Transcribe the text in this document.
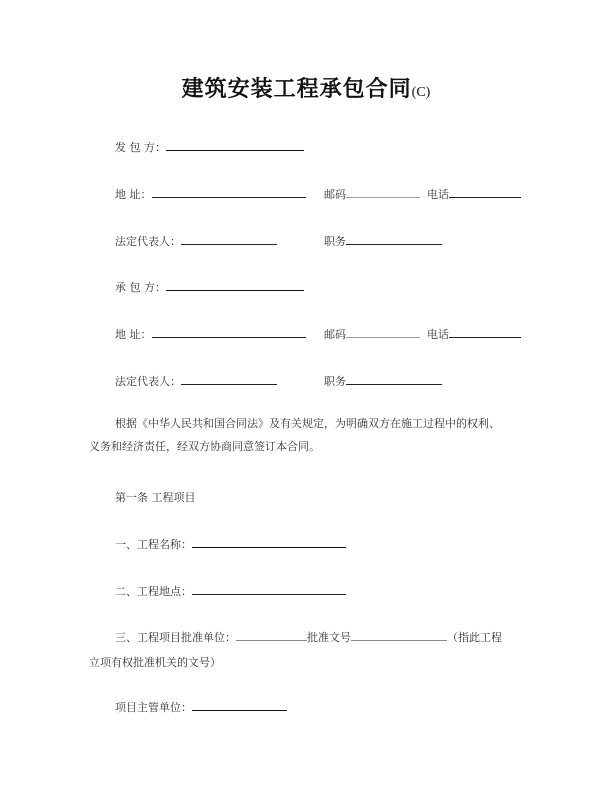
建筑安装工程承包合同(C)
发 包 方：
地 址：	邮码	电话
法定代表人：	职务
承 包 方：
地 址：	邮码	电话
法定代表人：	职务
根据《中华人民共和国合同法》及有关规定，为明确双方在施工过程中的权利、
义务和经济责任，经双方协商同意签订本合同。
第一条 工程项目
一、工程名称：
二、工程地点：
三、工程项目批准单位：	批准文号	（指此工程
立项有权批准机关的文号）
项目主管单位：
